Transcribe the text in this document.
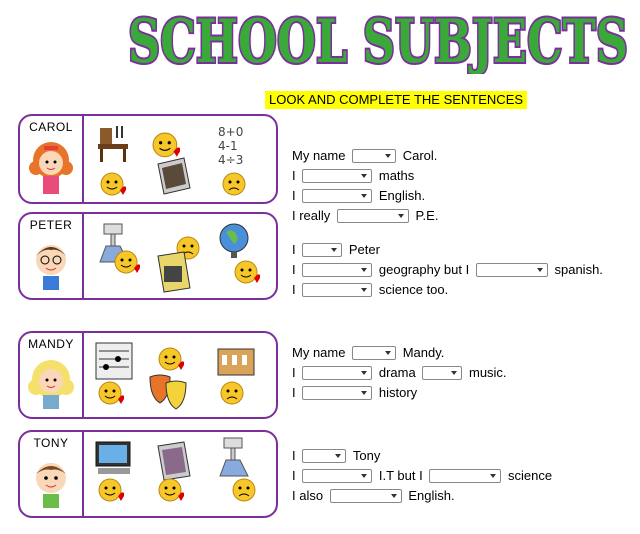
SCHOOL SUBJECTS
LOOK AND COMPLETE THE SENTENCES
CAROL	8+0
4-1
4÷3
PETER
MANDY
TONY
My name	Carol.
I	maths
I	English.
I really	P.E.
I	Peter
I	geography but I	spanish.
I	science too.
My name	Mandy.
I	drama	music.
I	history
I	Tony
I	I.T but I	science
I also	English.
